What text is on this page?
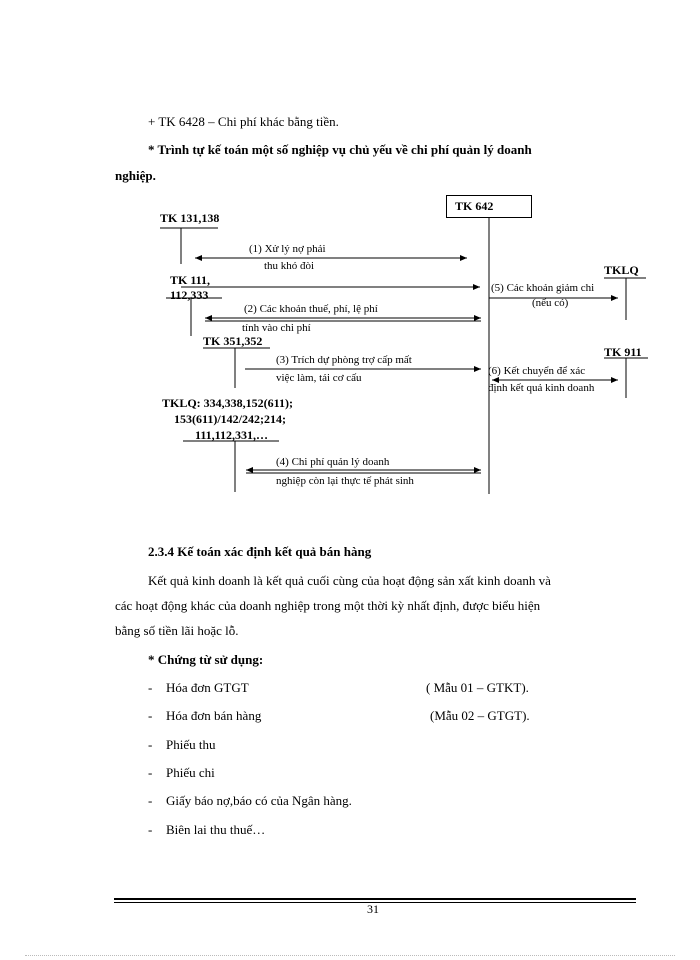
+ TK 6428 – Chi phí khác bằng tiền.
* Trình tự kế toán một số nghiệp vụ chủ yếu về chi phí quản lý doanh
nghiệp.
TK 642
TK 131,138
TK 111,
112,333
TK 351,352
TKLQ: 334,338,152(611);
153(611)/142/242;214;
111,112,331,…
TKLQ
TK 911
(1) Xử lý nợ phải
thu khó đòi
(2) Các khoản thuế, phí, lệ phí
tính vào chi phí
(3) Trích dự phòng trợ cấp mất
việc làm, tái cơ cấu
(4) Chi phí quản lý doanh
nghiệp còn lại thực tế phát sinh
(5) Các khoản giảm chi
(nếu có)
(6) Kết chuyển để xác
định kết quả kinh doanh
2.3.4 Kế toán xác định kết quả bán hàng
Kết quả kinh doanh là kết quả cuối cùng của hoạt động sản xất kinh doanh và
các hoạt động khác của doanh nghiệp trong một thời kỳ nhất định, được biểu hiện
bằng số tiền lãi hoặc lỗ.
* Chứng từ sử dụng:
- Hóa đơn GTGT	( Mẫu 01 – GTKT).
- Hóa đơn bán hàng	(Mẫu 02 – GTGT).
- Phiếu thu
- Phiếu chi
- Giấy báo nợ,báo có của Ngân hàng.
- Biên lai thu thuế…
31
